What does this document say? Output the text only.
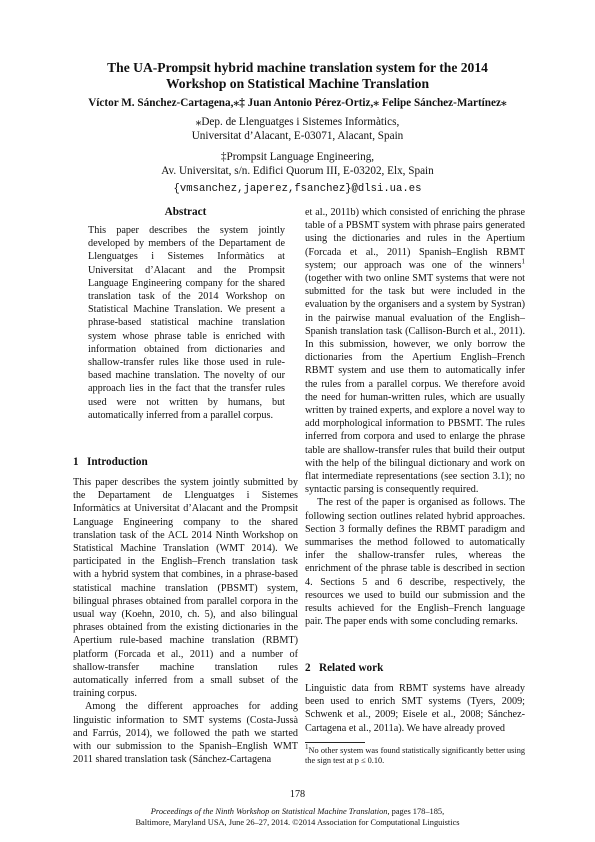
The UA-Prompsit hybrid machine translation system for the 2014
Workshop on Statistical Machine Translation
Víctor M. Sánchez-Cartagena,⁎‡ Juan Antonio Pérez-Ortiz,⁎ Felipe Sánchez-Martínez⁎
⁎Dep. de Llenguatges i Sistemes Informàtics,
Universitat d’Alacant, E-03071, Alacant, Spain
‡Prompsit Language Engineering,
Av. Universitat, s/n. Edifici Quorum III, E-03202, Elx, Spain
{vmsanchez,japerez,fsanchez}@dlsi.ua.es
Abstract

This paper describes the system jointly developed by members of the Departament de Llenguatges i Sistemes Informàtics at Universitat d’Alacant and the Prompsit Language Engineering company for the shared translation task of the 2014 Workshop on Statistical Machine Translation. We present a phrase-based statistical machine translation system whose phrase table is enriched with information obtained from dictionaries and shallow-transfer rules like those used in rule-based machine translation. The novelty of our approach lies in the fact that the transfer rules used were not written by humans, but automatically inferred from a parallel corpus.

1   Introduction

This paper describes the system jointly submitted by the Departament de Llenguatges i Sistemes Informàtics at Universitat d’Alacant and the Prompsit Language Engineering company to the shared translation task of the ACL 2014 Ninth Workshop on Statistical Machine Translation (WMT 2014). We participated in the English–French translation task with a hybrid system that combines, in a phrase-based statistical machine translation (PBSMT) system, bilingual phrases obtained from parallel corpora in the usual way (Koehn, 2010, ch. 5), and also bilingual phrases obtained from the existing dictionaries in the Apertium rule-based machine translation (RBMT) platform (Forcada et al., 2011) and a number of shallow-transfer machine translation rules automatically inferred from a small subset of the training corpus.

Among the different approaches for adding linguistic information to SMT systems (Costa-Jussà and Farrús, 2014), we followed the path we started with our submission to the Spanish–English WMT 2011 shared translation task (Sánchez-Cartagena

et al., 2011b) which consisted of enriching the phrase table of a PBSMT system with phrase pairs generated using the dictionaries and rules in the Apertium (Forcada et al., 2011) Spanish–English RBMT system; our approach was one of the winners$^1$ (together with two online SMT systems that were not submitted for the task but were included in the evaluation by the organisers and a system by Systran) in the pairwise manual evaluation of the English–Spanish translation task (Callison-Burch et al., 2011). In this submission, however, we only borrow the dictionaries from the Apertium English–French RBMT system and use them to automatically infer the rules from a parallel corpus. We therefore avoid the need for human-written rules, which are usually written by trained experts, and explore a novel way to add morphological information to PBSMT. The rules inferred from corpora and used to enlarge the phrase table are shallow-transfer rules that build their output with the help of the bilingual dictionary and work on flat intermediate representations (see section 3.1); no syntactic parsing is consequently required.

The rest of the paper is organised as follows. The following section outlines related hybrid approaches. Section 3 formally defines the RBMT paradigm and summarises the method followed to automatically infer the shallow-transfer rules, whereas the enrichment of the phrase table is described in section 4. Sections 5 and 6 describe, respectively, the resources we used to build our submission and the results achieved for the English–French language pair. The paper ends with some concluding remarks.

2   Related work

Linguistic data from RBMT systems have already been used to enrich SMT systems (Tyers, 2009; Schwenk et al., 2009; Eisele et al., 2008; Sánchez-Cartagena et al., 2011a). We have already proved

$^1$No other system was found statistically significantly better using the sign test at p ≤ 0.10.
178
Proceedings of the Ninth Workshop on Statistical Machine Translation, pages 178–185,
Baltimore, Maryland USA, June 26–27, 2014. ©2014 Association for Computational Linguistics
